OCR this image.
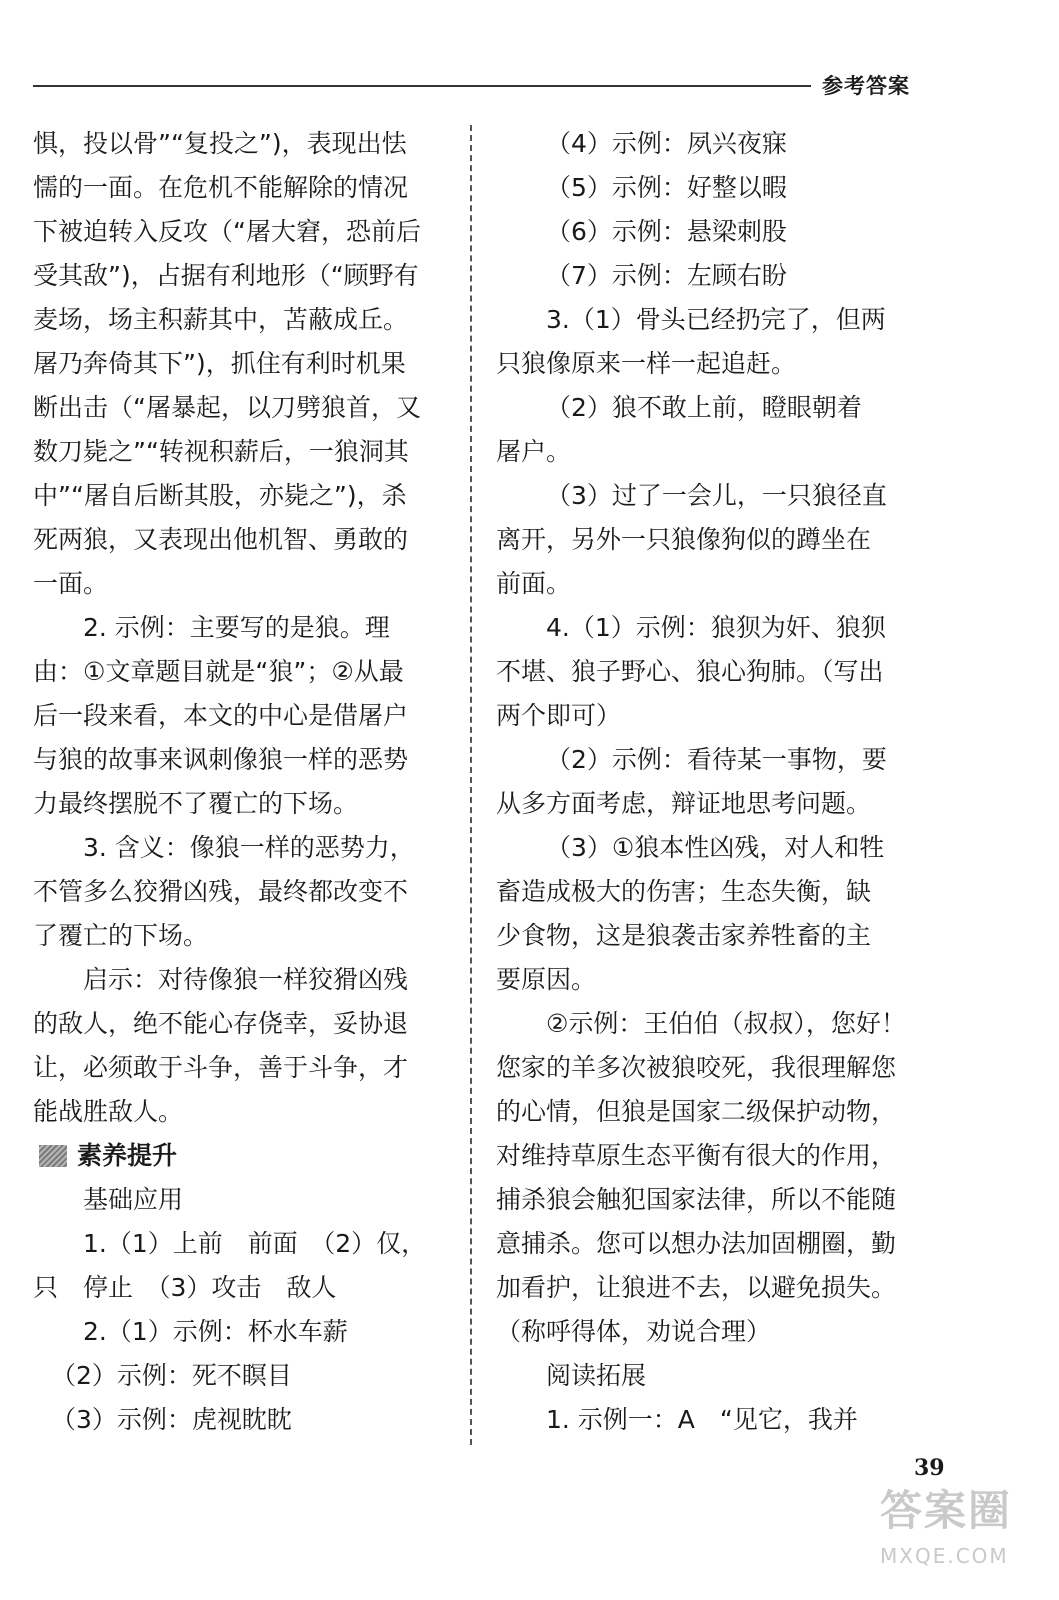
参考答案
惧，投以骨”“复投之”)，表现出怯
懦的一面。在危机不能解除的情况
下被迫转入反攻（“屠大窘，恐前后
受其敌”)，占据有利地形（“顾野有
麦场，场主积薪其中，苫蔽成丘。
屠乃奔倚其下”)，抓住有利时机果
断出击（“屠暴起，以刀劈狼首，又
数刀毙之”“转视积薪后，一狼洞其
中”“屠自后断其股，亦毙之”)，杀
死两狼，又表现出他机智、勇敢的
一面。
2. 示例：主要写的是狼。理
由：①文章题目就是“狼”；②从最
后一段来看，本文的中心是借屠户
与狼的故事来讽刺像狼一样的恶势
力最终摆脱不了覆亡的下场。
3. 含义：像狼一样的恶势力，
不管多么狡猾凶残，最终都改变不
了覆亡的下场。
启示：对待像狼一样狡猾凶残
的敌人，绝不能心存侥幸，妥协退
让，必须敢于斗争，善于斗争，才
能战胜敌人。
素养提升
基础应用
1.（1）上前　前面　（2）仅，
只　停止　（3）攻击　敌人
2.（1）示例：杯水车薪
（2）示例：死不瞑目
（3）示例：虎视眈眈
（4）示例：夙兴夜寐
（5）示例：好整以暇
（6）示例：悬梁刺股
（7）示例：左顾右盼
3.（1）骨头已经扔完了，但两
只狼像原来一样一起追赶。
（2）狼不敢上前，瞪眼朝着
屠户。
（3）过了一会儿，一只狼径直
离开，另外一只狼像狗似的蹲坐在
前面。
4.（1）示例：狼狈为奸、狼狈
不堪、狼子野心、狼心狗肺。（写出
两个即可）
（2）示例：看待某一事物，要
从多方面考虑，辩证地思考问题。
（3）①狼本性凶残，对人和牲
畜造成极大的伤害；生态失衡，缺
少食物，这是狼袭击家养牲畜的主
要原因。
②示例：王伯伯（叔叔），您好！
您家的羊多次被狼咬死，我很理解您
的心情，但狼是国家二级保护动物，
对维持草原生态平衡有很大的作用，
捕杀狼会触犯国家法律，所以不能随
意捕杀。您可以想办法加固棚圈，勤
加看护，让狼进不去，以避免损失。
（称呼得体，劝说合理）
阅读拓展
1. 示例一：A　“见它，我并
39
答案圈
MXQE.COM
